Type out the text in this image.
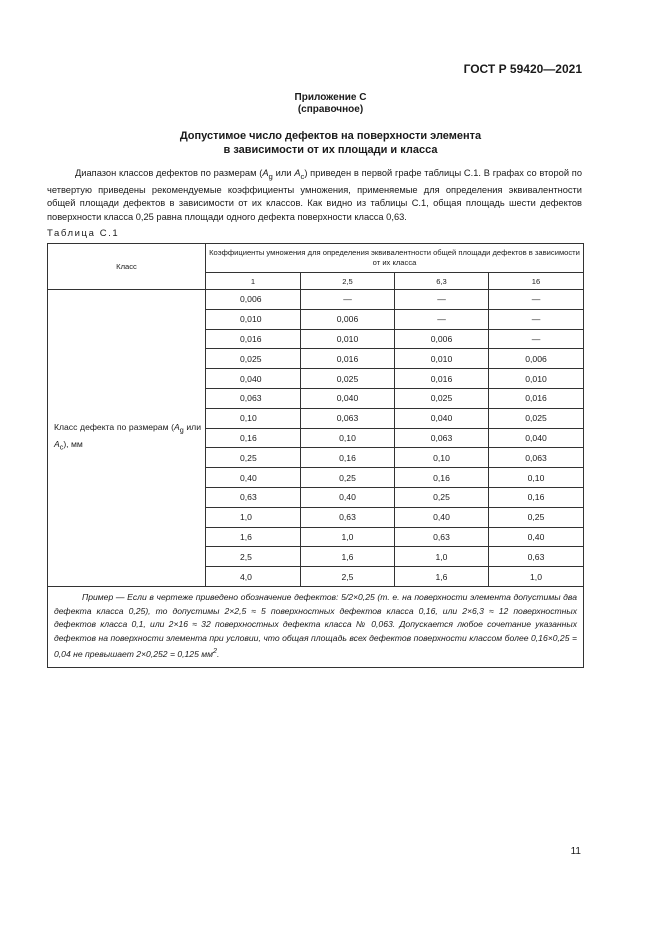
ГОСТ Р 59420—2021
Приложение С
(справочное)
Допустимое число дефектов на поверхности элемента
в зависимости от их площади и класса

Диапазон классов дефектов по размерам ($A_g$ или $A_c$) приведен в первой графе таблицы С.1. В графах со второй по четвертую приведены рекомендуемые коэффициенты умножения, применяемые для определения эквивалентности общей площади дефектов в зависимости от их классов. Как видно из таблицы С.1, общая площадь шести дефектов поверхности класса 0,25 равна площади одного дефекта поверхности класса 0,63.

Таблица С.1
Класс	Коэффициенты умножения для определения эквивалентности общей площади дефектов в зависимости от их класса			
	1	2,5	6,3	16
Класс дефекта по размерам ($A_g$ или $A_c$), мм	0,006	—	—	—
	0,010	0,006	—	—
	0,016	0,010	0,006	—
	0,025	0,016	0,010	0,006
	0,040	0,025	0,016	0,010
	0,063	0,040	0,025	0,016
	0,10	0,063	0,040	0,025
	0,16	0,10	0,063	0,040
	0,25	0,16	0,10	0,063
	0,40	0,25	0,16	0,10
	0,63	0,40	0,25	0,16
	1,0	0,63	0,40	0,25
	1,6	1,0	0,63	0,40
	2,5	1,6	1,0	0,63
	4,0	2,5	1,6	1,0
Пример — Если в чертеже приведено обозначение дефектов: 5/2×0,25 (т. е. на поверхности элемента допустимы два дефекта класса 0,25), то допустимы 2×2,5 ≈ 5 поверхностных дефектов класса 0,16, или 2×6,3 ≈ 12 поверхностных дефектов класса 0,1, или 2×16 ≈ 32 поверхностных дефекта класса № 0,063. Допускается любое сочетание указанных дефектов на поверхности элемента при условии, что общая площадь всех дефектов поверхности классом более 0,16×0,25 = 0,04 не превышает 2×0,252 = 0,125 $мм^2$.				
11
